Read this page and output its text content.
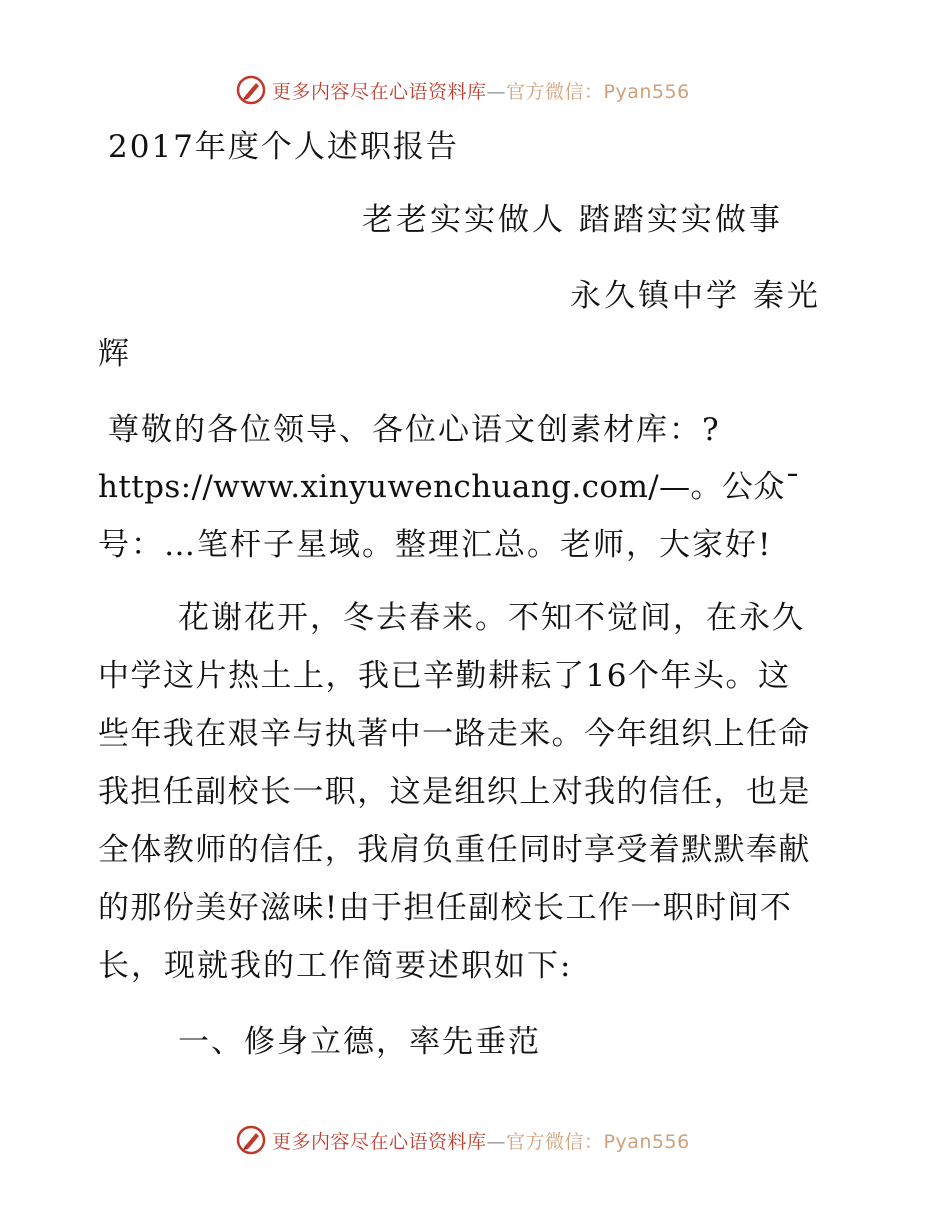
更多内容尽在心语资料库—官方微信：Pyan556
2017年度个人述职报告
老老实实做人 踏踏实实做事
永久镇中学 秦光
辉
尊敬的各位领导、各位心语文创素材库：?
https://www.xinyuwenchuang.com/—。公众¯
号：…笔杆子星域。整理汇总。老师，大家好!
花谢花开，冬去春来。不知不觉间，在永久
中学这片热土上，我已辛勤耕耘了16个年头。这
些年我在艰辛与执著中一路走来。今年组织上任命
我担任副校长一职，这是组织上对我的信任，也是
全体教师的信任，我肩负重任同时享受着默默奉献
的那份美好滋味!由于担任副校长工作一职时间不
长，现就我的工作简要述职如下:
一、修身立德，率先垂范
更多内容尽在心语资料库—官方微信：Pyan556
